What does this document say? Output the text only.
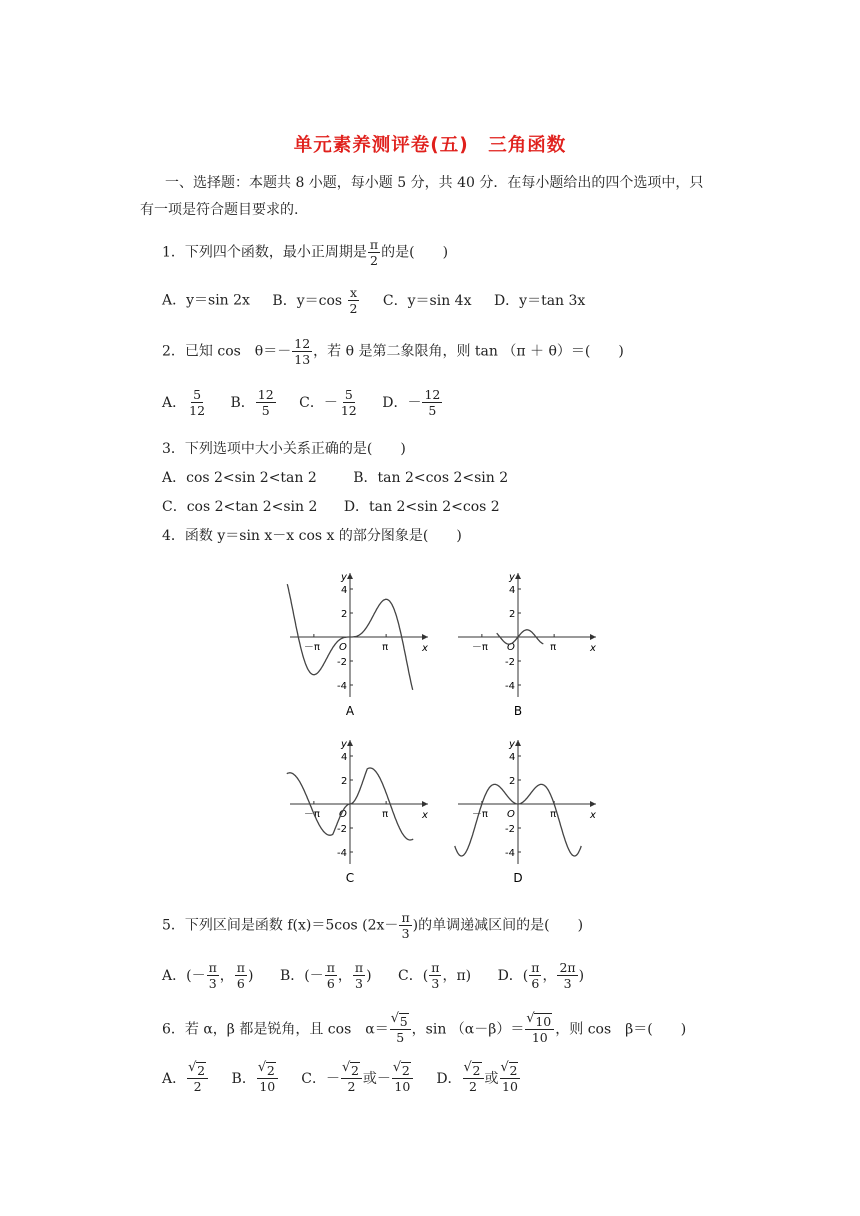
单元素养测评卷(五)　三角函数
一、选择题：本题共 8 小题，每小题 5 分，共 40 分．在每小题给出的四个选项中，只
有一项是符合题目要求的.
1．下列四个函数，最小正周期是 $\frac{\pi}{2}$ 的是(　　)
A．y＝sin 2x B．$y=\cos \frac{x}{2}$ C．y＝sin 4x D．y＝tan 3x
2．已知 cos　$\theta=- \frac{12}{13}$ ，若 θ 是第二象限角，则 tan （π ＋ θ）＝(　　)
A． $\frac{5}{12}$ B． $\frac{12}{5}$ C．－ $\frac{5}{12}$ D．－ $\frac{12}{5}$
3．下列选项中大小关系正确的是(　　)
A．cos 2<sin 2<tan 2	B．tan 2<cos 2<sin 2
C．cos 2<tan 2<sin 2 D．tan 2<sin 2<cos 2
4．函数 y＝sin x－x cos x 的部分图象是(　　)
y
x
O
4
2
-2
-4
－π	π
A
y
x
O
4
2
-2
-4
－π	π
B
y
x
O
4
2
-2
-4
－π	π
C
y
x
O
4
2
-2
-4
－π	π
D
5．下列区间是函数 f(x)＝5cos ($2x- \frac{\pi}{3}$ )的单调递减区间的是(　　)
A．(－ $\frac{\pi}{3}$ ， $\frac{\pi}{6}$ ) B．(－ $\frac{\pi}{6}$ ， $\frac{\pi}{3}$ ) C．( $\frac{\pi}{3}$ ，π) D．( $\frac{\pi}{6}$ ， $\frac{2\pi}{3}$ )
6．若 α，β 都是锐角，且 cos　α＝ √ $\frac{5}{5}$ ，sin （α－β）＝ √ $\frac{10}{10}$ ，则 cos　β＝(　　)
A． √ $\frac{2}{2}$ B． √ $\frac{2}{10}$ C．－ √ $\frac{2}{2}$ 或－ √ $\frac{2}{10}$ D． √ $\frac{2}{2}$ 或 √ $\frac{2}{10}$
